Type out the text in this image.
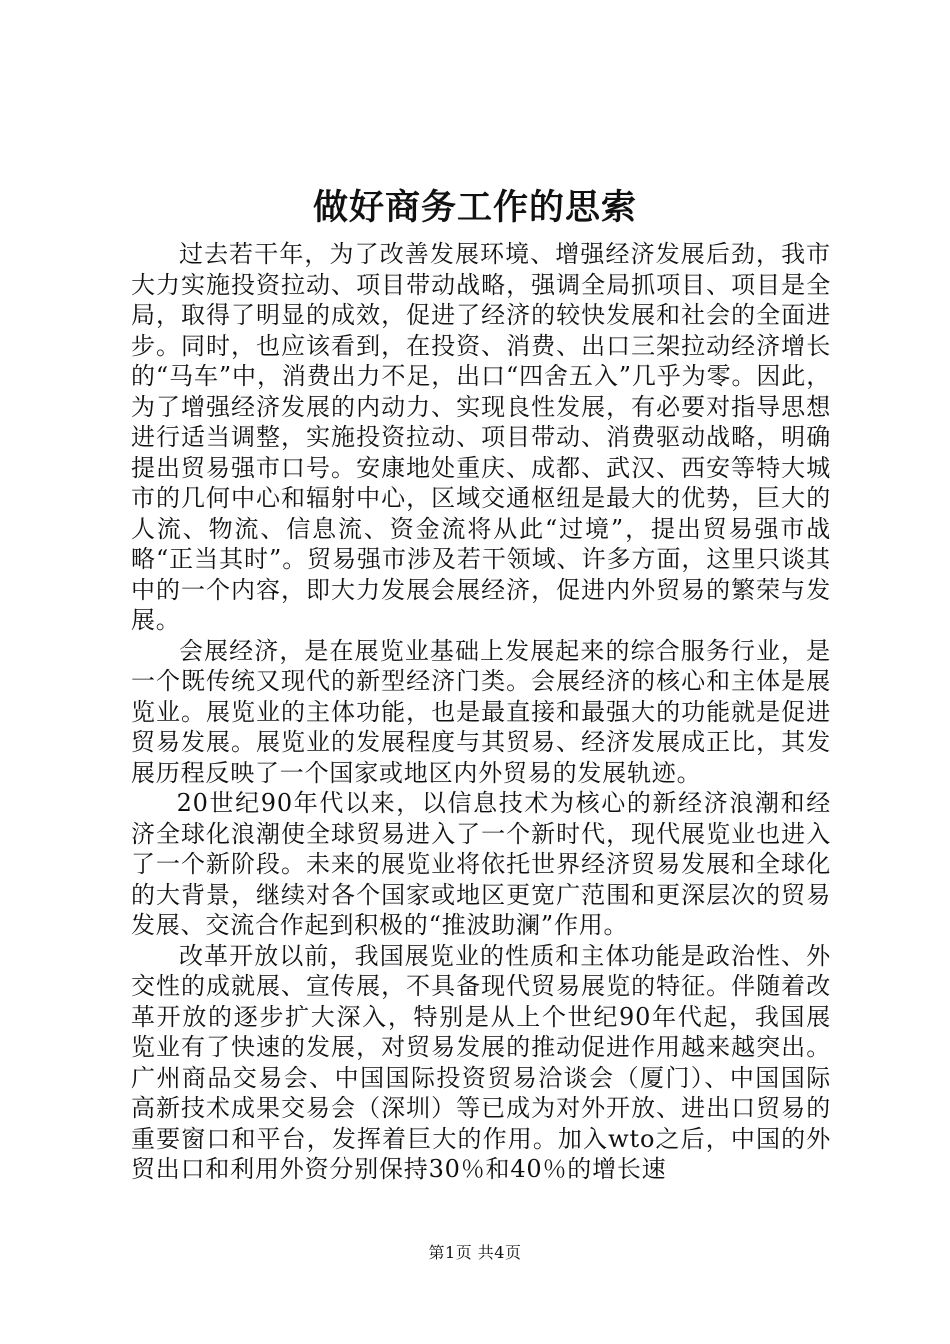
做好商务工作的思索

过去若干年，为了改善发展环境、增强经济发展后劲，我市大力实施投资拉动、项目带动战略，强调全局抓项目、项目是全局，取得了明显的成效，促进了经济的较快发展和社会的全面进步。同时，也应该看到，在投资、消费、出口三架拉动经济增长的“马车”中，消费出力不足，出口“四舍五入”几乎为零。因此，为了增强经济发展的内动力、实现良性发展，有必要对指导思想进行适当调整，实施投资拉动、项目带动、消费驱动战略，明确提出贸易强市口号。安康地处重庆、成都、武汉、西安等特大城市的几何中心和辐射中心，区域交通枢纽是最大的优势，巨大的人流、物流、信息流、资金流将从此“过境”，提出贸易强市战略“正当其时”。贸易强市涉及若干领域、许多方面，这里只谈其中的一个内容，即大力发展会展经济，促进内外贸易的繁荣与发展。

会展经济，是在展览业基础上发展起来的综合服务行业，是一个既传统又现代的新型经济门类。会展经济的核心和主体是展览业。展览业的主体功能，也是最直接和最强大的功能就是促进贸易发展。展览业的发展程度与其贸易、经济发展成正比，其发展历程反映了一个国家或地区内外贸易的发展轨迹。

20世纪90年代以来，以信息技术为核心的新经济浪潮和经济全球化浪潮使全球贸易进入了一个新时代，现代展览业也进入了一个新阶段。未来的展览业将依托世界经济贸易发展和全球化的大背景，继续对各个国家或地区更宽广范围和更深层次的贸易发展、交流合作起到积极的“推波助澜”作用。

改革开放以前，我国展览业的性质和主体功能是政治性、外交性的成就展、宣传展，不具备现代贸易展览的特征。伴随着改革开放的逐步扩大深入，特别是从上个世纪90年代起，我国展览业有了快速的发展，对贸易发展的推动促进作用越来越突出。广州商品交易会、中国国际投资贸易洽谈会（厦门）、中国国际高新技术成果交易会（深圳）等已成为对外开放、进出口贸易的重要窗口和平台，发挥着巨大的作用。加入wto之后，中国的外贸出口和利用外资分别保持30％和40％的增长速

第1页 共4页
